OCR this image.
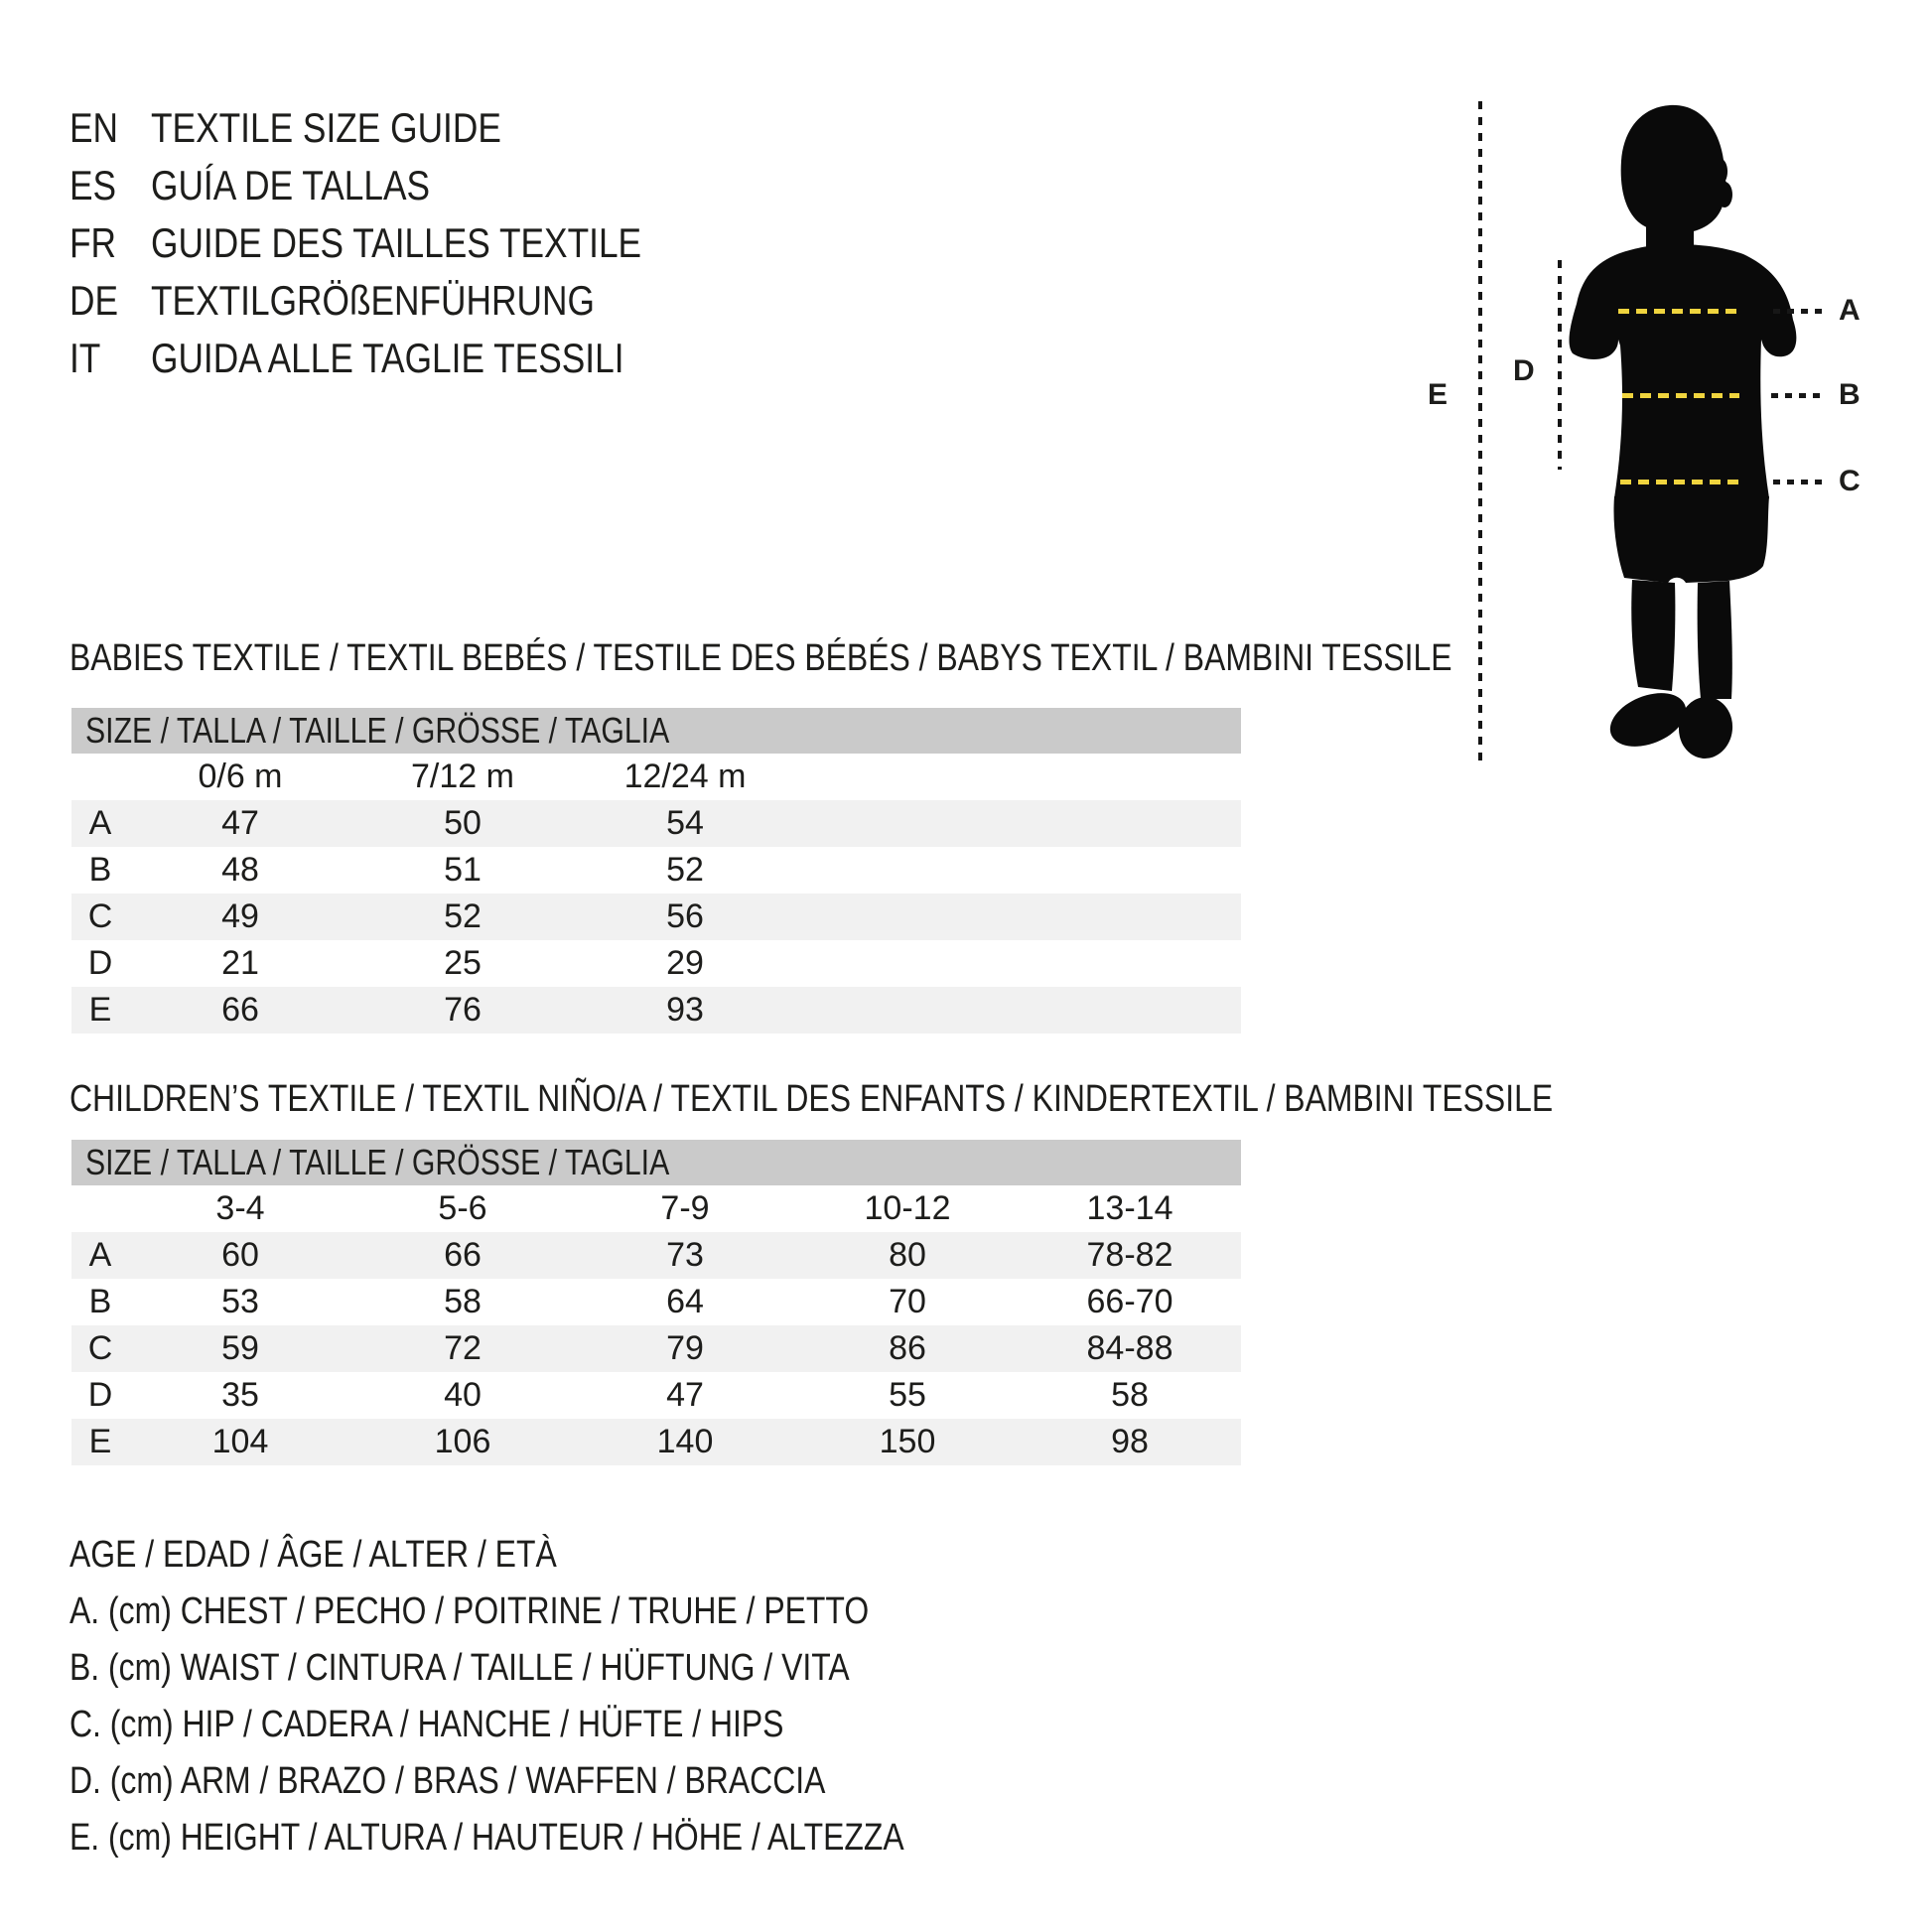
EN TEXTILE SIZE GUIDE
ES GUÍA DE TALLAS
FR GUIDE DES TAILLES TEXTILE
DE TEXTILGRÖßENFÜHRUNG
IT	GUIDA ALLE TAGLIE TESSILI
A
B
C
D
E
BABIES TEXTILE / TEXTIL BEBÉS / TESTILE DES BÉBÉS / BABYS TEXTIL / BAMBINI TESSILE
SIZE / TALLA / TAILLE / GRÖSSE / TAGLIA				
	0/6 m	7/12 m	12/24 m	
A	47	50	54	
B	48	51	52	
C	49	52	56	
D	21	25	29	
E	66	76	93	
CHILDREN’S TEXTILE / TEXTIL NIÑO/A / TEXTIL DES ENFANTS / KINDERTEXTIL / BAMBINI TESSILE
SIZE / TALLA / TAILLE / GRÖSSE / TAGLIA					
	3-4	5-6	7-9	10-12	13-14
A	60	66	73	80	78-82
B	53	58	64	70	66-70
C	59	72	79	86	84-88
D	35	40	47	55	58
E	104	106	140	150	98
AGE / EDAD / ÂGE / ALTER / ETÀ
A. (cm) CHEST / PECHO / POITRINE / TRUHE / PETTO
B. (cm) WAIST / CINTURA / TAILLE / HÜFTUNG / VITA
C. (cm) HIP / CADERA / HANCHE / HÜFTE / HIPS
D. (cm) ARM / BRAZO / BRAS / WAFFEN / BRACCIA
E. (cm) HEIGHT / ALTURA / HAUTEUR / HÖHE / ALTEZZA
